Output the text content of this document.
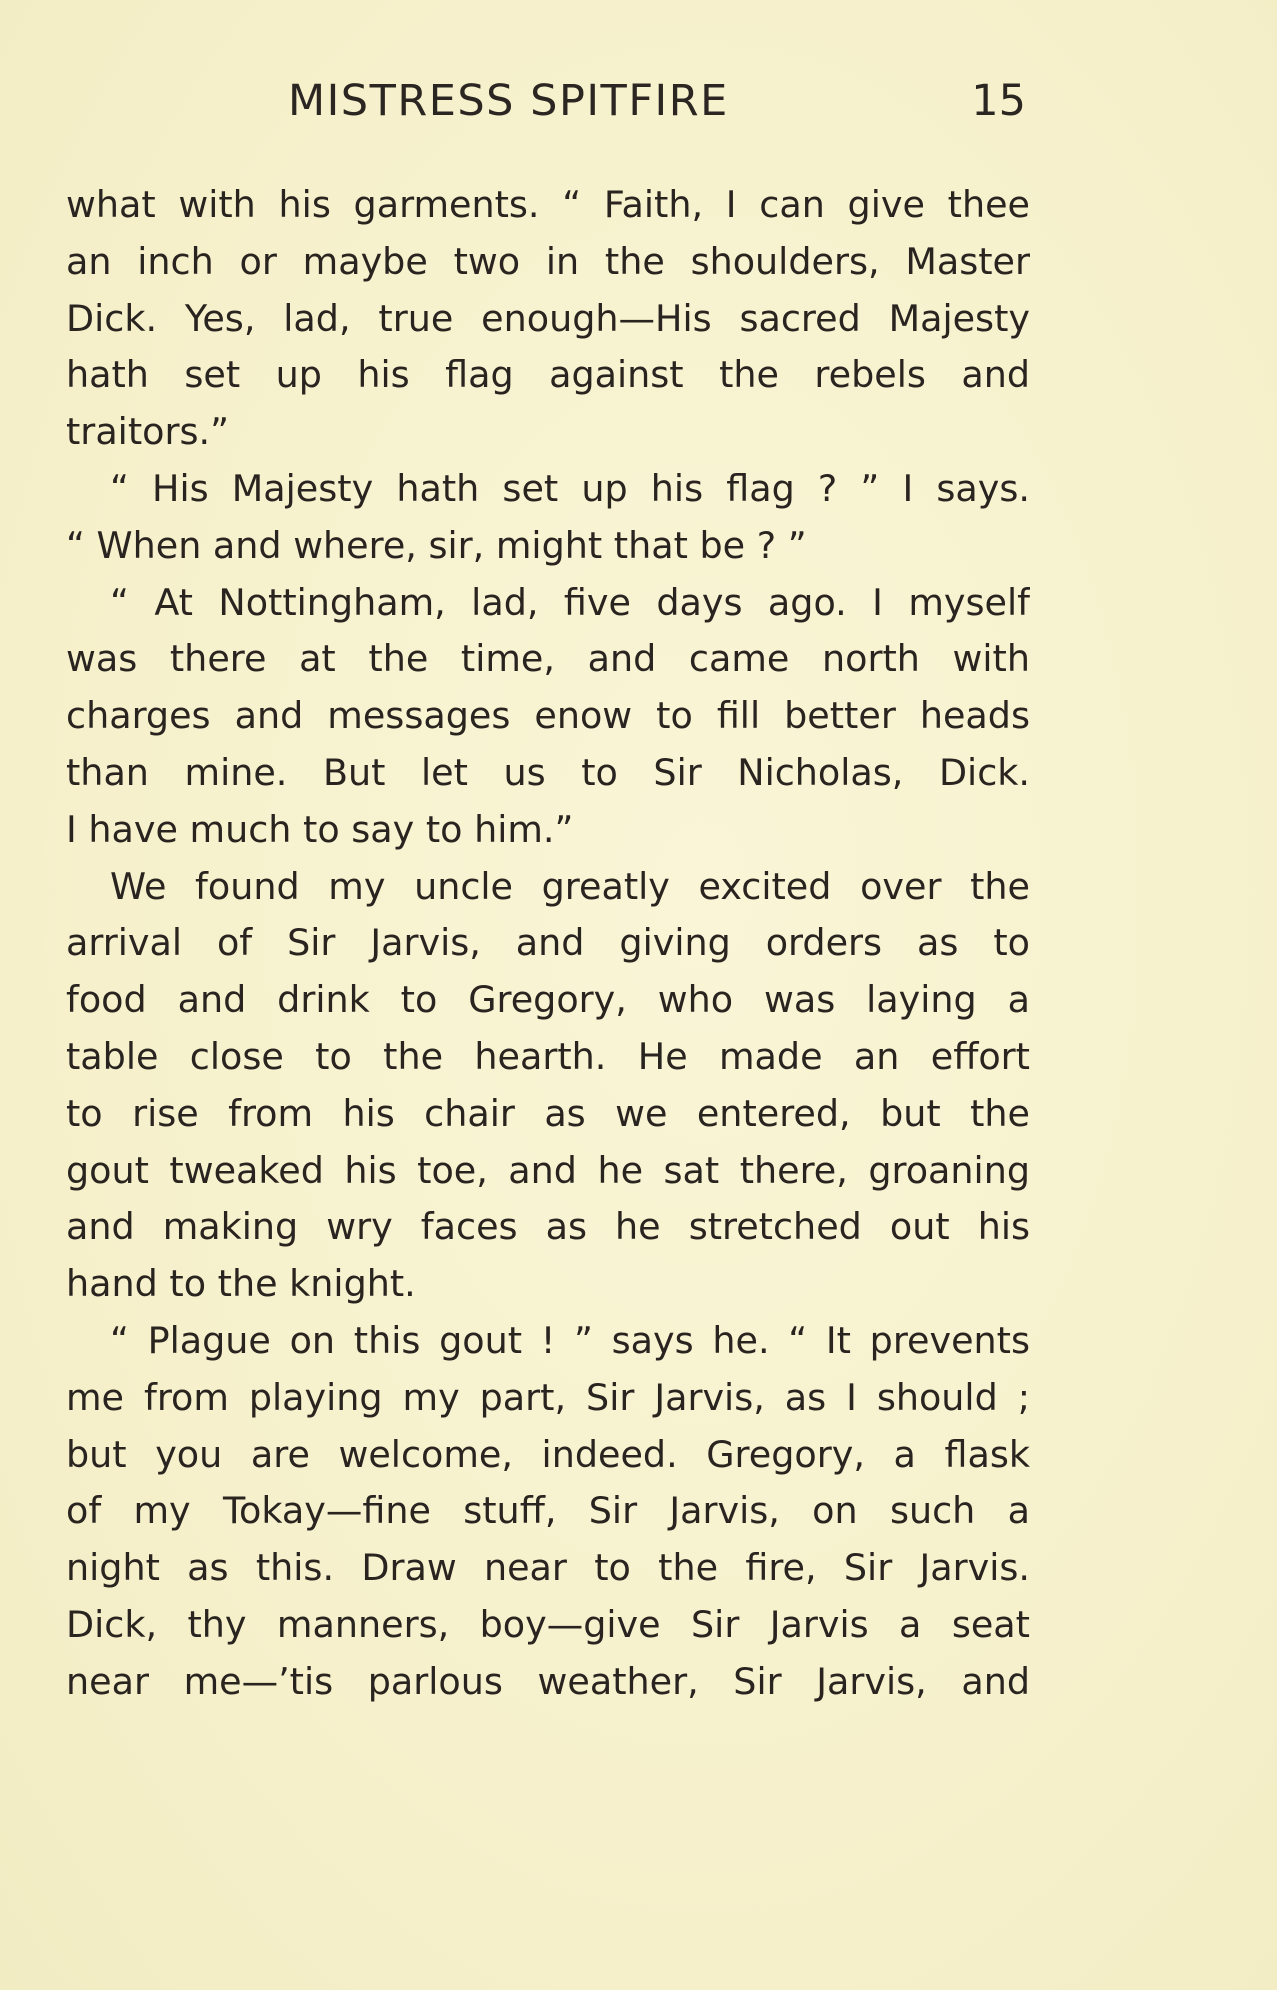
MISTRESS SPITFIRE	15
what with his garments. “ Faith, I can give thee
an inch or maybe two in the shoulders, Master
Dick. Yes, lad, true enough—His sacred Majesty
hath set up his flag against the rebels and
traitors.”
“ His Majesty hath set up his flag ? ” I says.
“ When and where, sir, might that be ? ”
“ At Nottingham, lad, five days ago. I myself
was there at the time, and came north with
charges and messages enow to fill better heads
than mine. But let us to Sir Nicholas, Dick.
I have much to say to him.”
We found my uncle greatly excited over the
arrival of Sir Jarvis, and giving orders as to
food and drink to Gregory, who was laying a
table close to the hearth. He made an effort
to rise from his chair as we entered, but the
gout tweaked his toe, and he sat there, groaning
and making wry faces as he stretched out his
hand to the knight.
“ Plague on this gout ! ” says he. “ It prevents
me from playing my part, Sir Jarvis, as I should ;
but you are welcome, indeed. Gregory, a flask
of my Tokay—fine stuff, Sir Jarvis, on such a
night as this. Draw near to the fire, Sir Jarvis.
Dick, thy manners, boy—give Sir Jarvis a seat
near me—’tis parlous weather, Sir Jarvis, and
